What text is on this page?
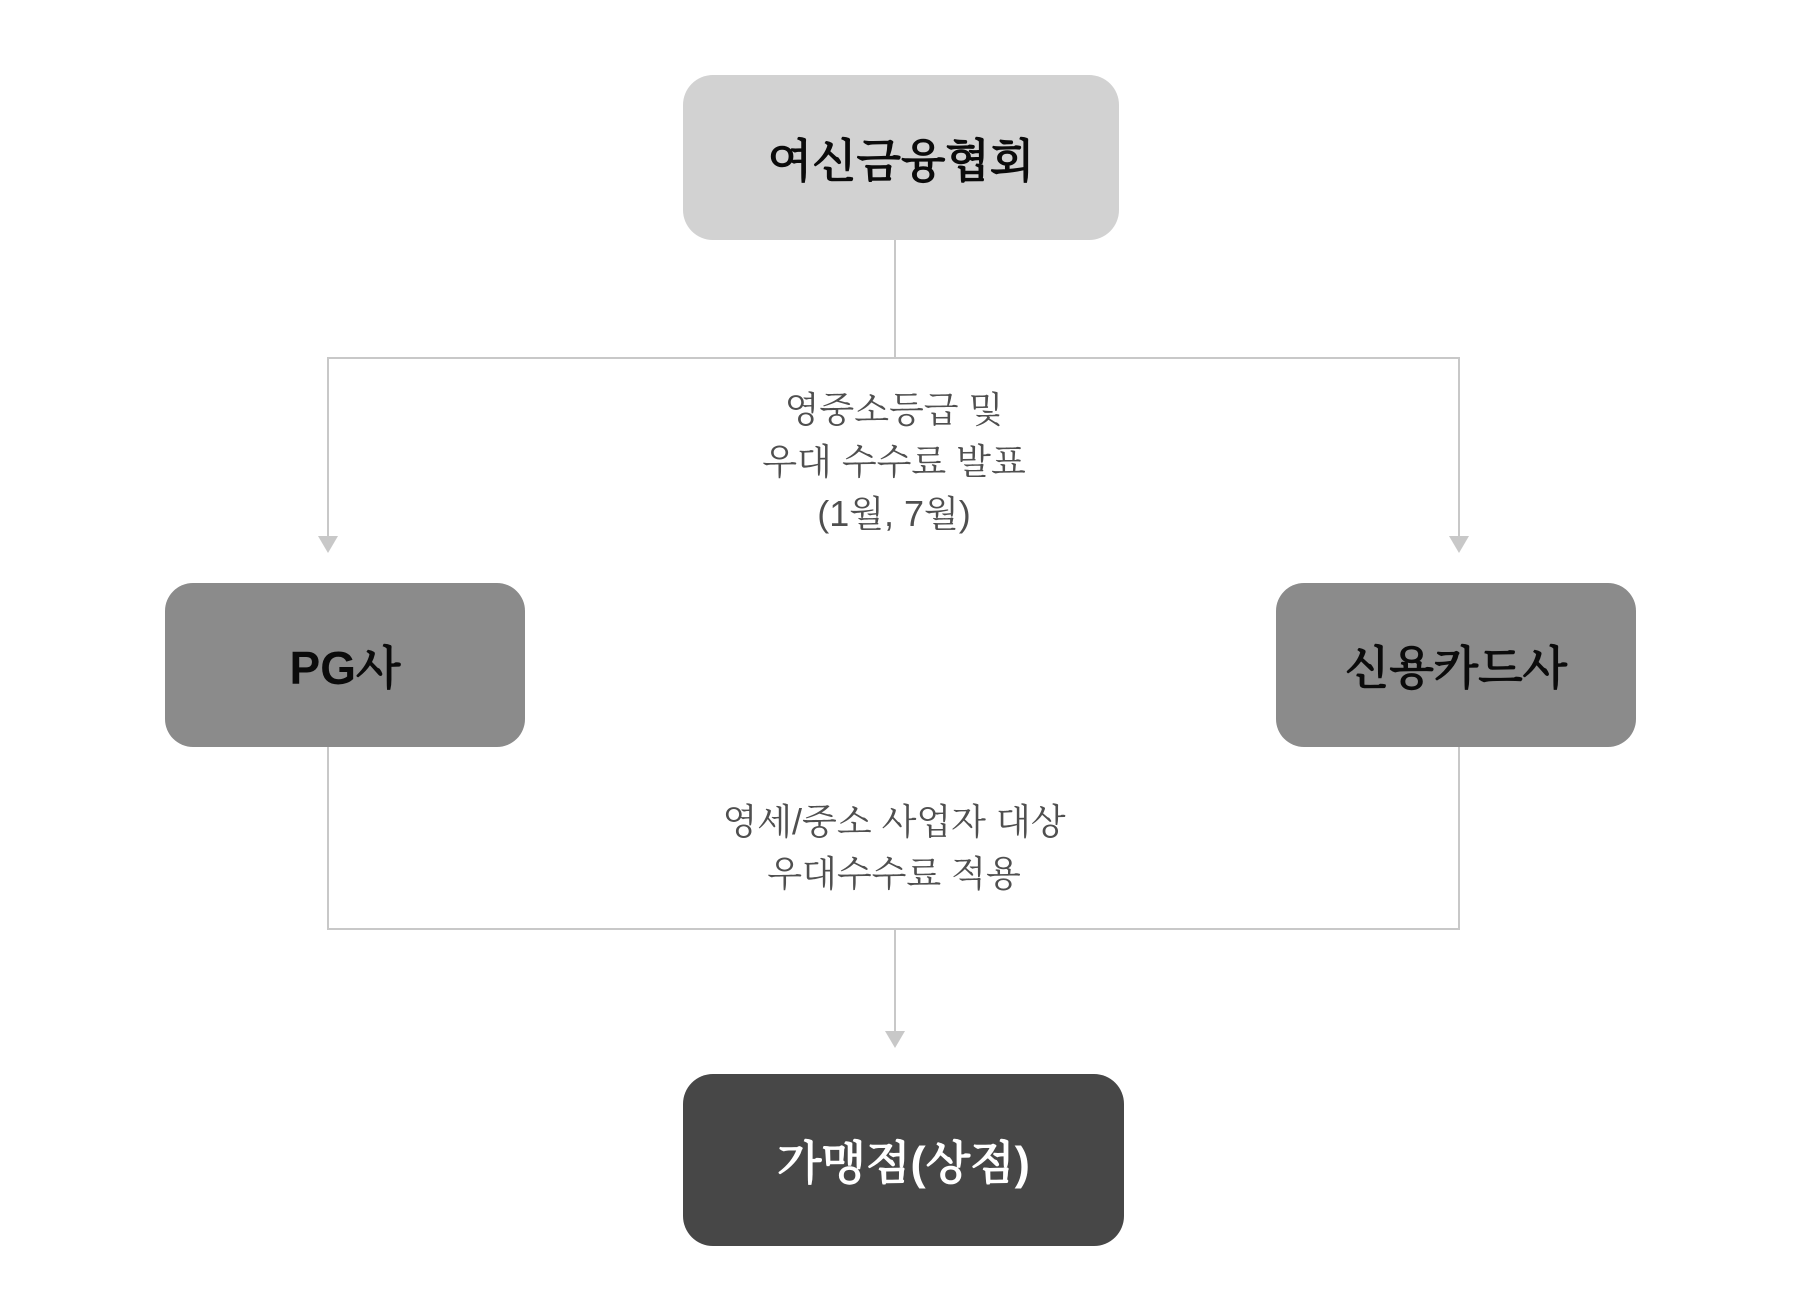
영중소등급 및
우대 수수료 발표
(1월, 7월)
영세/중소 사업자 대상
우대수수료 적용
여신금융협회
PG사	신용카드사
가맹점(상점)
